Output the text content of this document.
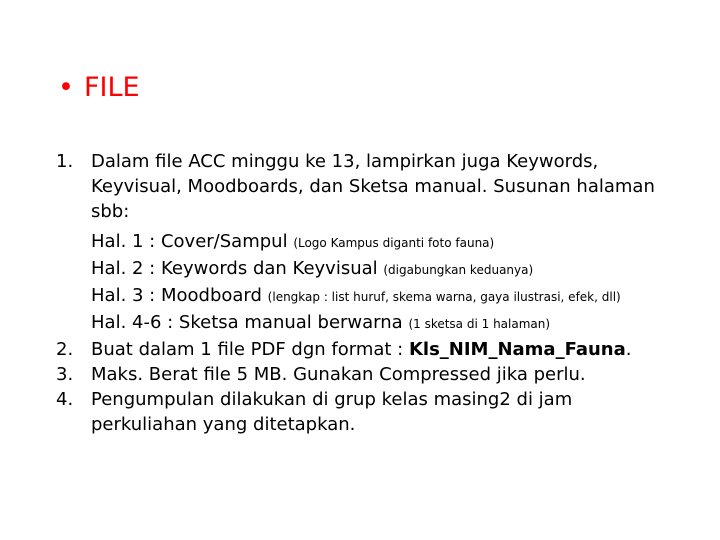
• FILE
1. Dalam file ACC minggu ke 13, lampirkan juga Keywords, Keyvisual, Moodboards, dan Sketsa manual. Susunan halaman sbb:
Hal. 1 : Cover/Sampul (Logo Kampus diganti foto fauna)
Hal. 2 : Keywords dan Keyvisual (digabungkan keduanya)
Hal. 3 : Moodboard (lengkap : list huruf, skema warna, gaya ilustrasi, efek, dll)
Hal. 4-6 : Sketsa manual berwarna (1 sketsa di 1 halaman)
2. Buat dalam 1 file PDF dgn format : Kls_NIM_Nama_Fauna.
3. Maks. Berat file 5 MB. Gunakan Compressed jika perlu.
4. Pengumpulan dilakukan di grup kelas masing2 di jam perkuliahan yang ditetapkan.
